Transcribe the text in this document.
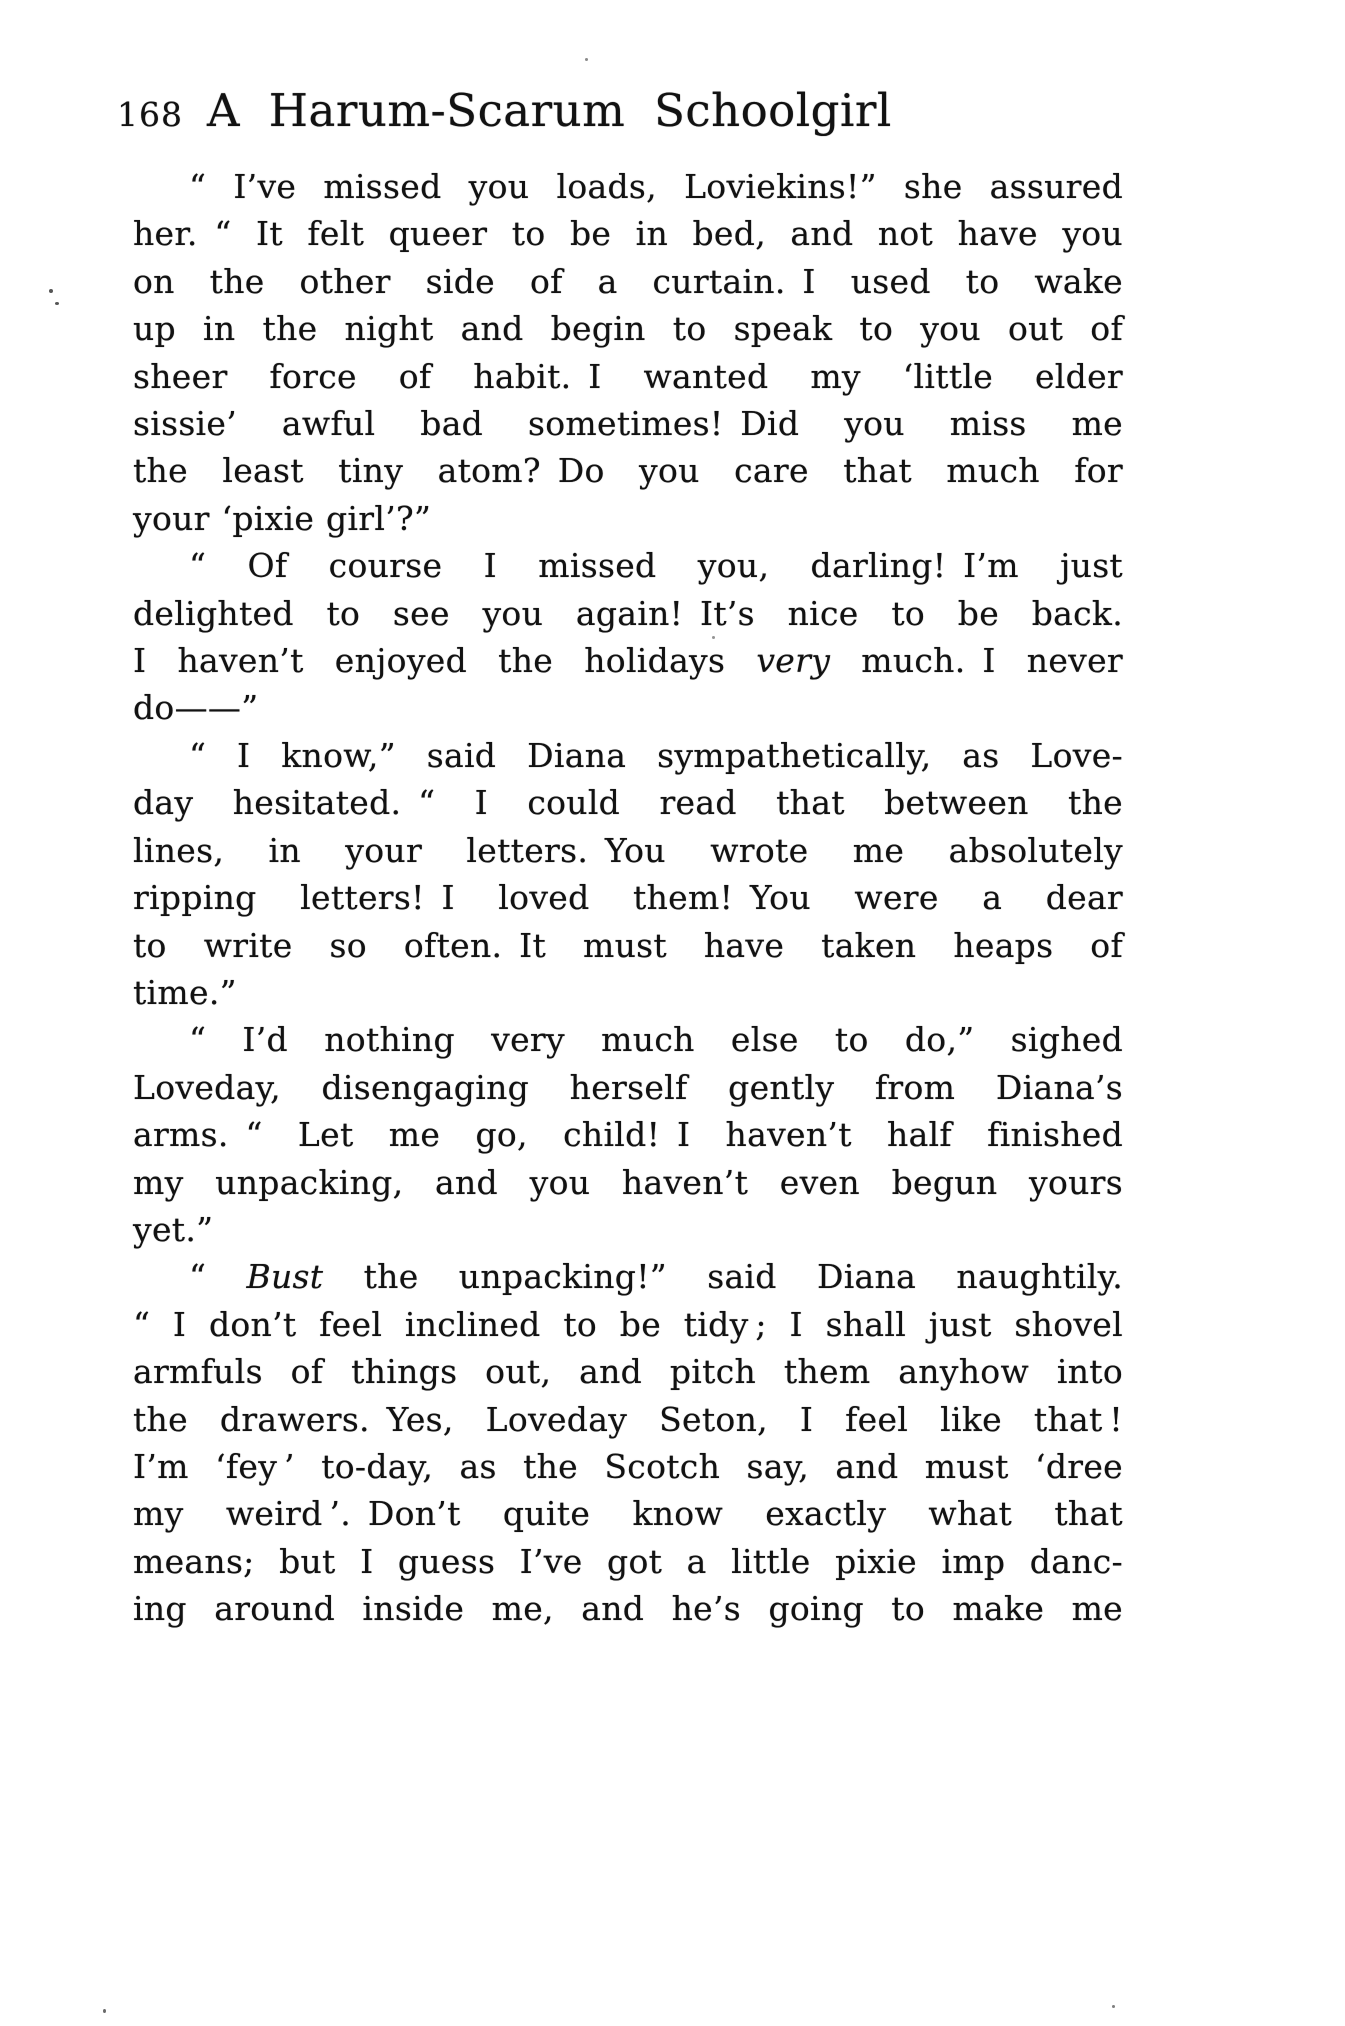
168 A Harum-Scarum Schoolgirl
“ I’ve missed you loads, Loviekins!” she assured
her. “ It felt queer to be in bed, and not have you
on the other side of a curtain. I used to wake
up in the night and begin to speak to you out of
sheer force of habit. I wanted my ‘little elder
sissie’ awful bad sometimes! Did you miss me
the least tiny atom? Do you care that much for
your ‘pixie girl’?”
“ Of course I missed you, darling! I’m just
delighted to see you again! It’s nice to be back.
I haven’t enjoyed the holidays very much. I never
do——”
“ I know,” said Diana sympathetically, as Love-
day hesitated. “ I could read that between the
lines, in your letters. You wrote me absolutely
ripping letters! I loved them! You were a dear
to write so often. It must have taken heaps of
time.”
“ I’d nothing very much else to do,” sighed
Loveday, disengaging herself gently from Diana’s
arms. “ Let me go, child! I haven’t half finished
my unpacking, and you haven’t even begun yours
yet.”
“ Bust the unpacking!” said Diana naughtily.
“ I don’t feel inclined to be tidy ; I shall just shovel
armfuls of things out, and pitch them anyhow into
the drawers. Yes, Loveday Seton, I feel like that !
I’m ‘fey ’ to-day, as the Scotch say, and must ‘dree
my weird ’. Don’t quite know exactly what that
means; but I guess I’ve got a little pixie imp danc-
ing around inside me, and he’s going to make me
